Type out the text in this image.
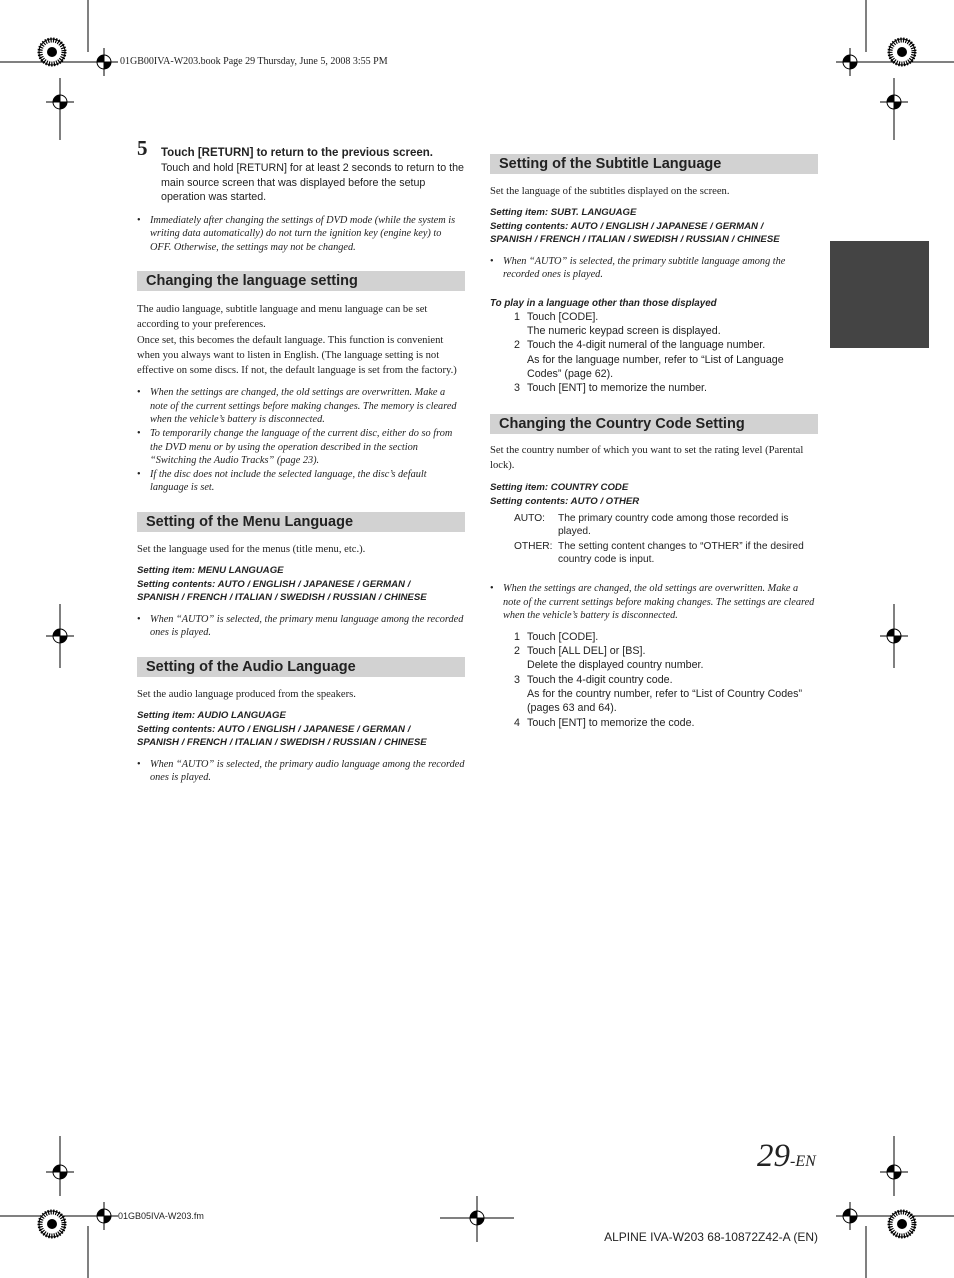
01GB00IVA-W203.book Page 29 Thursday, June 5, 2008 3:55 PM
5 Touch [RETURN] to return to the previous screen.
Touch and hold [RETURN] for at least 2 seconds to return to the main source screen that was displayed before the setup operation was started.
• Immediately after changing the settings of DVD mode (while the system is writing data automatically) do not turn the ignition key (engine key) to OFF. Otherwise, the settings may not be changed.
Changing the language setting
The audio language, subtitle language and menu language can be set according to your preferences.
Once set, this becomes the default language. This function is convenient when you always want to listen in English. (The language setting is not effective on some discs. If not, the default language is set from the factory.)
• When the settings are changed, the old settings are overwritten. Make a note of the current settings before making changes. The memory is cleared when the vehicle’s battery is disconnected.
• To temporarily change the language of the current disc, either do so from the DVD menu or by using the operation described in the section “Switching the Audio Tracks” (page 23).
• If the disc does not include the selected language, the disc’s default language is set.
Setting of the Menu Language
Set the language used for the menus (title menu, etc.).
Setting item: MENU LANGUAGE
Setting contents: AUTO / ENGLISH / JAPANESE / GERMAN /
SPANISH / FRENCH / ITALIAN / SWEDISH / RUSSIAN / CHINESE
• When “AUTO” is selected, the primary menu language among the recorded ones is played.
Setting of the Audio Language
Set the audio language produced from the speakers.
Setting item: AUDIO LANGUAGE
Setting contents: AUTO / ENGLISH / JAPANESE / GERMAN /
SPANISH / FRENCH / ITALIAN / SWEDISH / RUSSIAN / CHINESE
• When “AUTO” is selected, the primary audio language among the recorded ones is played.
Setting of the Subtitle Language
Set the language of the subtitles displayed on the screen.
Setting item: SUBT. LANGUAGE
Setting contents: AUTO / ENGLISH / JAPANESE / GERMAN /
SPANISH / FRENCH / ITALIAN / SWEDISH / RUSSIAN / CHINESE
• When “AUTO” is selected, the primary subtitle language among the recorded ones is played.
To play in a language other than those displayed
1 Touch [CODE].
The numeric keypad screen is displayed.
2 Touch the 4-digit numeral of the language number.
As for the language number, refer to “List of Language Codes” (page 62).
3 Touch [ENT] to memorize the number.
Changing the Country Code Setting
Set the country number of which you want to set the rating level (Parental lock).
Setting item: COUNTRY CODE
Setting contents: AUTO / OTHER
AUTO:	The primary country code among those recorded is played.
OTHER: The setting content changes to “OTHER” if the desired country code is input.
• When the settings are changed, the old settings are overwritten. Make a note of the current settings before making changes. The settings are cleared when the vehicle’s battery is disconnected.
1 Touch [CODE].
2 Touch [ALL DEL] or [BS].
Delete the displayed country number.
3 Touch the 4-digit country code.
As for the country number, refer to “List of Country Codes” (pages 63 and 64).
4 Touch [ENT] to memorize the code.
29-EN
01GB05IVA-W203.fm
ALPINE IVA-W203 68-10872Z42-A (EN)
